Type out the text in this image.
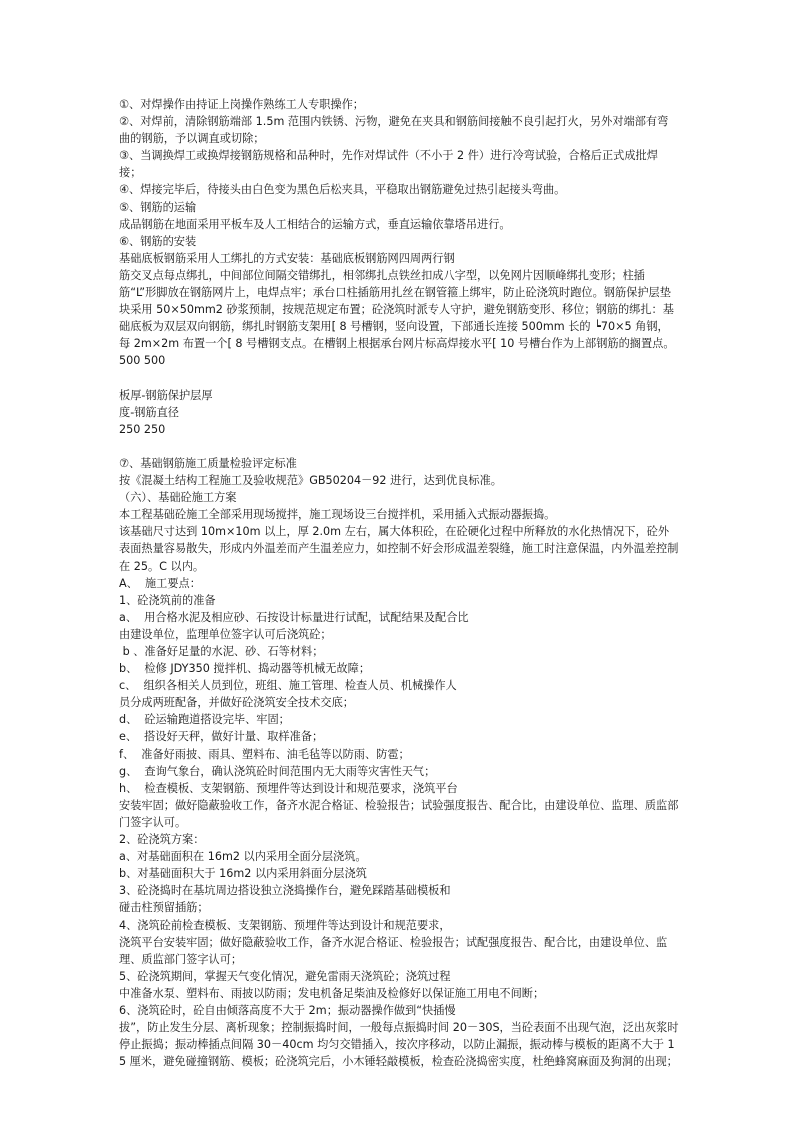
①、对焊操作由持证上岗操作熟练工人专职操作；
②、对焊前，清除钢筋端部 1.5m 范围内铁锈、污物，避免在夹具和钢筋间接触不良引起打火，另外对端部有弯曲的钢筋，予以调直或切除；
③、当调换焊工或换焊接钢筋规格和品种时，先作对焊试件（不小于 2 件）进行冷弯试验，合格后正式成批焊接；
④、焊接完毕后，待接头由白色变为黑色后松夹具，平稳取出钢筋避免过热引起接头弯曲。
⑤、钢筋的运输
成品钢筋在地面采用平板车及人工相结合的运输方式，垂直运输依靠塔吊进行。
⑥、钢筋的安装
基础底板钢筋采用人工绑扎的方式安装：基础底板钢筋网四周两行钢
筋交叉点每点绑扎，中间部位间隔交错绑扎，相邻绑扎点铁丝扣成八字型，以免网片因顺峰绑扎变形；柱插筋“L”形脚放在钢筋网片上，电焊点牢；承台口柱插筋用扎丝在钢管箍上绑牢，防止砼浇筑时跑位。钢筋保护层垫块采用 50×50mm2 砂浆预制，按规范规定布置；砼浇筑时派专人守护，避免钢筋变形、移位；钢筋的绑扎：基础底板为双层双向钢筋，绑扎时钢筋支架用[ 8 号槽钢，竖向设置，下部通长连接 500mm 长的 ┕70×5 角钢，每 2m×2m 布置一个[ 8 号槽钢支点。在槽钢上根据承台网片标高焊接水平[ 10 号槽台作为上部钢筋的搁置点。
500 500
板厚-钢筋保护层厚
度-钢筋直径
250 250
⑦、基础钢筋施工质量检验评定标准
按《混凝土结构工程施工及验收规范》GB50204－92 进行，达到优良标准。
（六）、基础砼施工方案
本工程基础砼施工全部采用现场搅拌，施工现场设三台搅拌机，采用插入式振动器振捣。
该基础尺寸达到 10m×10m 以上，厚 2.0m 左右，属大体积砼，在砼硬化过程中所释放的水化热情况下，砼外表面热量容易散失，形成内外温差而产生温差应力，如控制不好会形成温差裂缝，施工时注意保温，内外温差控制在 25。C 以内。
A、  施工要点：
1、砼浇筑前的准备
a、  用合格水泥及相应砂、石按设计标量进行试配，试配结果及配合比
由建设单位，监理单位签字认可后浇筑砼；
b 、准备好足量的水泥、砂、石等材料；
b、  检修 JDY350 搅拌机、捣动器等机械无故障；
c、  组织各相关人员到位，班组、施工管理、检查人员、机械操作人
员分成两班配备，并做好砼浇筑安全技术交底；
d、  砼运输跑道搭设完毕、牢固；
e、  搭设好天秤，做好计量、取样准备；
f、  准备好雨披、雨具、塑料布、油毛毡等以防雨、防雹；
g、  查询气象台，确认浇筑砼时间范围内无大雨等灾害性天气；
h、  检查模板、支架钢筋、预埋件等达到设计和规范要求，浇筑平台
安装牢固；做好隐蔽验收工作，备齐水泥合格证、检验报告；试验强度报告、配合比，由建设单位、监理、质监部门签字认可。
2、砼浇筑方案：
a、对基础面积在 16m2 以内采用全面分层浇筑。
b、对基础面积大于 16m2 以内采用斜面分层浇筑
3、砼浇捣时在基坑周边搭设独立浇捣操作台，避免踩踏基础模板和
碰击柱预留插筋；
4、浇筑砼前检查模板、支架钢筋、预埋件等达到设计和规范要求，
浇筑平台安装牢固；做好隐蔽验收工作，备齐水泥合格证、检验报告；试配强度报告、配合比，由建设单位、监理、质监部门签字认可；
5、砼浇筑期间，掌握天气变化情况，避免雷雨天浇筑砼；浇筑过程
中准备水泵、塑料布、雨披以防雨；发电机备足柴油及检修好以保证施工用电不间断；
6、浇筑砼时，砼自由倾落高度不大于 2m；振动器操作做到“快插慢
拔”，防止发生分层、离析现象；控制振捣时间，一般每点振捣时间 20－30S，当砼表面不出现气泡，泛出灰浆时停止振捣；振动棒插点间隔 30－40cm 均匀交错插入，按次序移动，以防止漏振，振动棒与模板的距离不大于 15 厘米，避免碰撞钢筋、模板；砼浇筑完后，小木锤轻敲模板，检查砼浇捣密实度，杜绝蜂窝麻面及狗洞的出现；
